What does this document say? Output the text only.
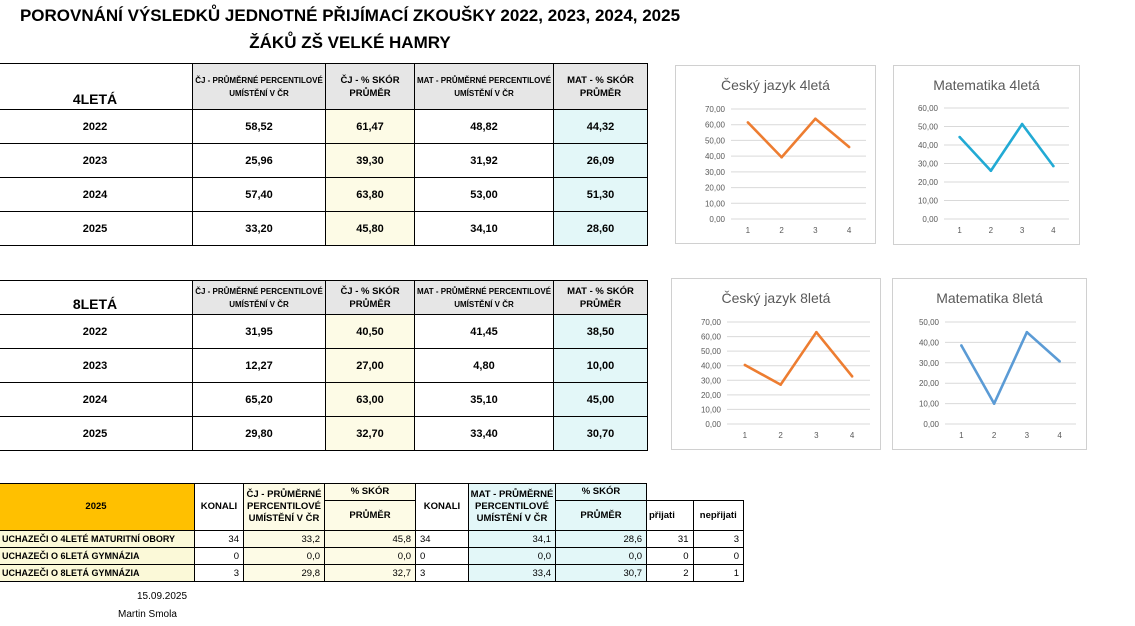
POROVNÁNÍ VÝSLEDKŮ JEDNOTNÉ PŘIJÍMACÍ ZKOUŠKY 2022, 2023, 2024, 2025
ŽÁKŮ ZŠ VELKÉ HAMRY
4LETÁ	ČJ - PRŮMĚRNÉ PERCENTILOVÉ UMÍSTĚNÍ V ČR	ČJ - % SKÓR PRŮMĚR	MAT - PRŮMĚRNÉ PERCENTILOVÉ UMÍSTĚNÍ V ČR	MAT - % SKÓR PRŮMĚR
2022	58,52	61,47	48,82	44,32
2023	25,96	39,30	31,92	26,09
2024	57,40	63,80	53,00	51,30
2025	33,20	45,80	34,10	28,60
8LETÁ	ČJ - PRŮMĚRNÉ PERCENTILOVÉ UMÍSTĚNÍ V ČR	ČJ - % SKÓR PRŮMĚR	MAT - PRŮMĚRNÉ PERCENTILOVÉ UMÍSTĚNÍ V ČR	MAT - % SKÓR PRŮMĚR
2022	31,95	40,50	41,45	38,50
2023	12,27	27,00	4,80	10,00
2024	65,20	63,00	35,10	45,00
2025	29,80	32,70	33,40	30,70
2025	KONALI	ČJ - PRŮMĚRNÉ PERCENTILOVÉ UMÍSTĚNÍ V ČR	% SKÓR	KONALI	MAT - PRŮMĚRNÉ PERCENTILOVÉ UMÍSTĚNÍ V ČR	% SKÓR		
			PRŮMĚR			PRŮMĚR	přijati	nepřijati
UCHAZEČI O 4LETÉ MATURITNÍ OBORY	34	33,2	45,8	34	34,1	28,6	31	3
UCHAZEČI O 6LETÁ GYMNÁZIA	0	0,0	0,0	0	0,0	0,0	0	0
UCHAZEČI O 8LETÁ GYMNÁZIA	3	29,8	32,7	3	33,4	30,7	2	1
15.09.2025
Martin Smola
Český jazyk 4letá
0,00
10,00
20,00
30,00
40,00
50,00
60,00
70,00
1	2	3	4
Matematika 4letá
0,00
10,00
20,00
30,00
40,00
50,00
60,00
1	2	3	4
Český jazyk 8letá
0,00
10,00
20,00
30,00
40,00
50,00
60,00
70,00
1	2	3	4
Matematika 8letá
0,00
10,00
20,00
30,00
40,00
50,00
1	2	3	4
